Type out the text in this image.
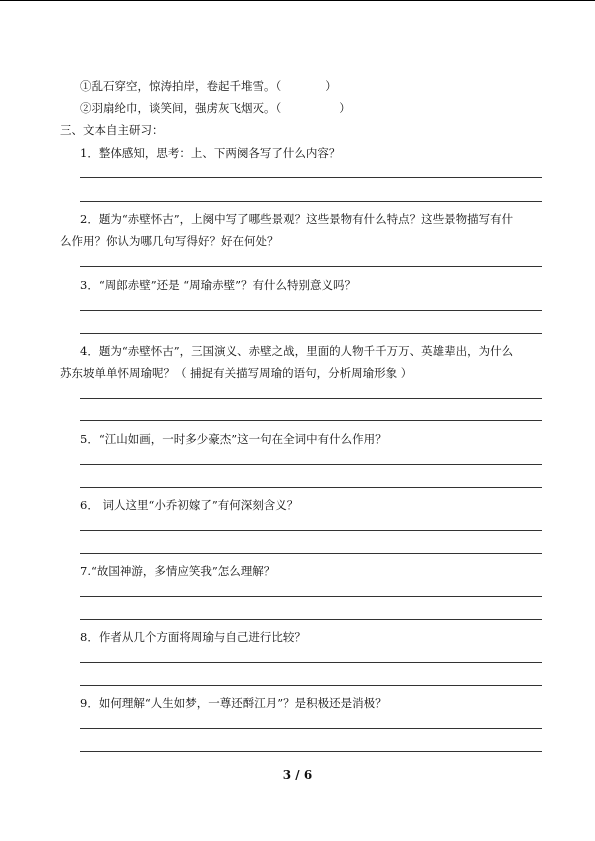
①乱石穿空，惊涛拍岸，卷起千堆雪。（	）
②羽扇纶巾，谈笑间，强虏灰飞烟灭。（	）
三、文本自主研习：
1．整体感知，思考：上、下两阕各写了什么内容？
2．题为“赤壁怀古”，上阕中写了哪些景观？这些景物有什么特点？这些景物描写有什
么作用？你认为哪几句写得好？好在何处？
3．“周郎赤壁”还是 “周瑜赤壁”？有什么特别意义吗？
4．题为“赤壁怀古”，三国演义、赤壁之战，里面的人物千千万万、英雄辈出，为什么
苏东坡单单怀周瑜呢？（ 捕捉有关描写周瑜的语句，分析周瑜形象 ）
5．“江山如画，一时多少豪杰”这一句在全词中有什么作用？
6． 词人这里“小乔初嫁了”有何深刻含义？
7.“故国神游，多情应笑我”怎么理解？
8．作者从几个方面将周瑜与自己进行比较？
9．如何理解“人生如梦，一尊还酹江月”？是积极还是消极？
3 / 6
